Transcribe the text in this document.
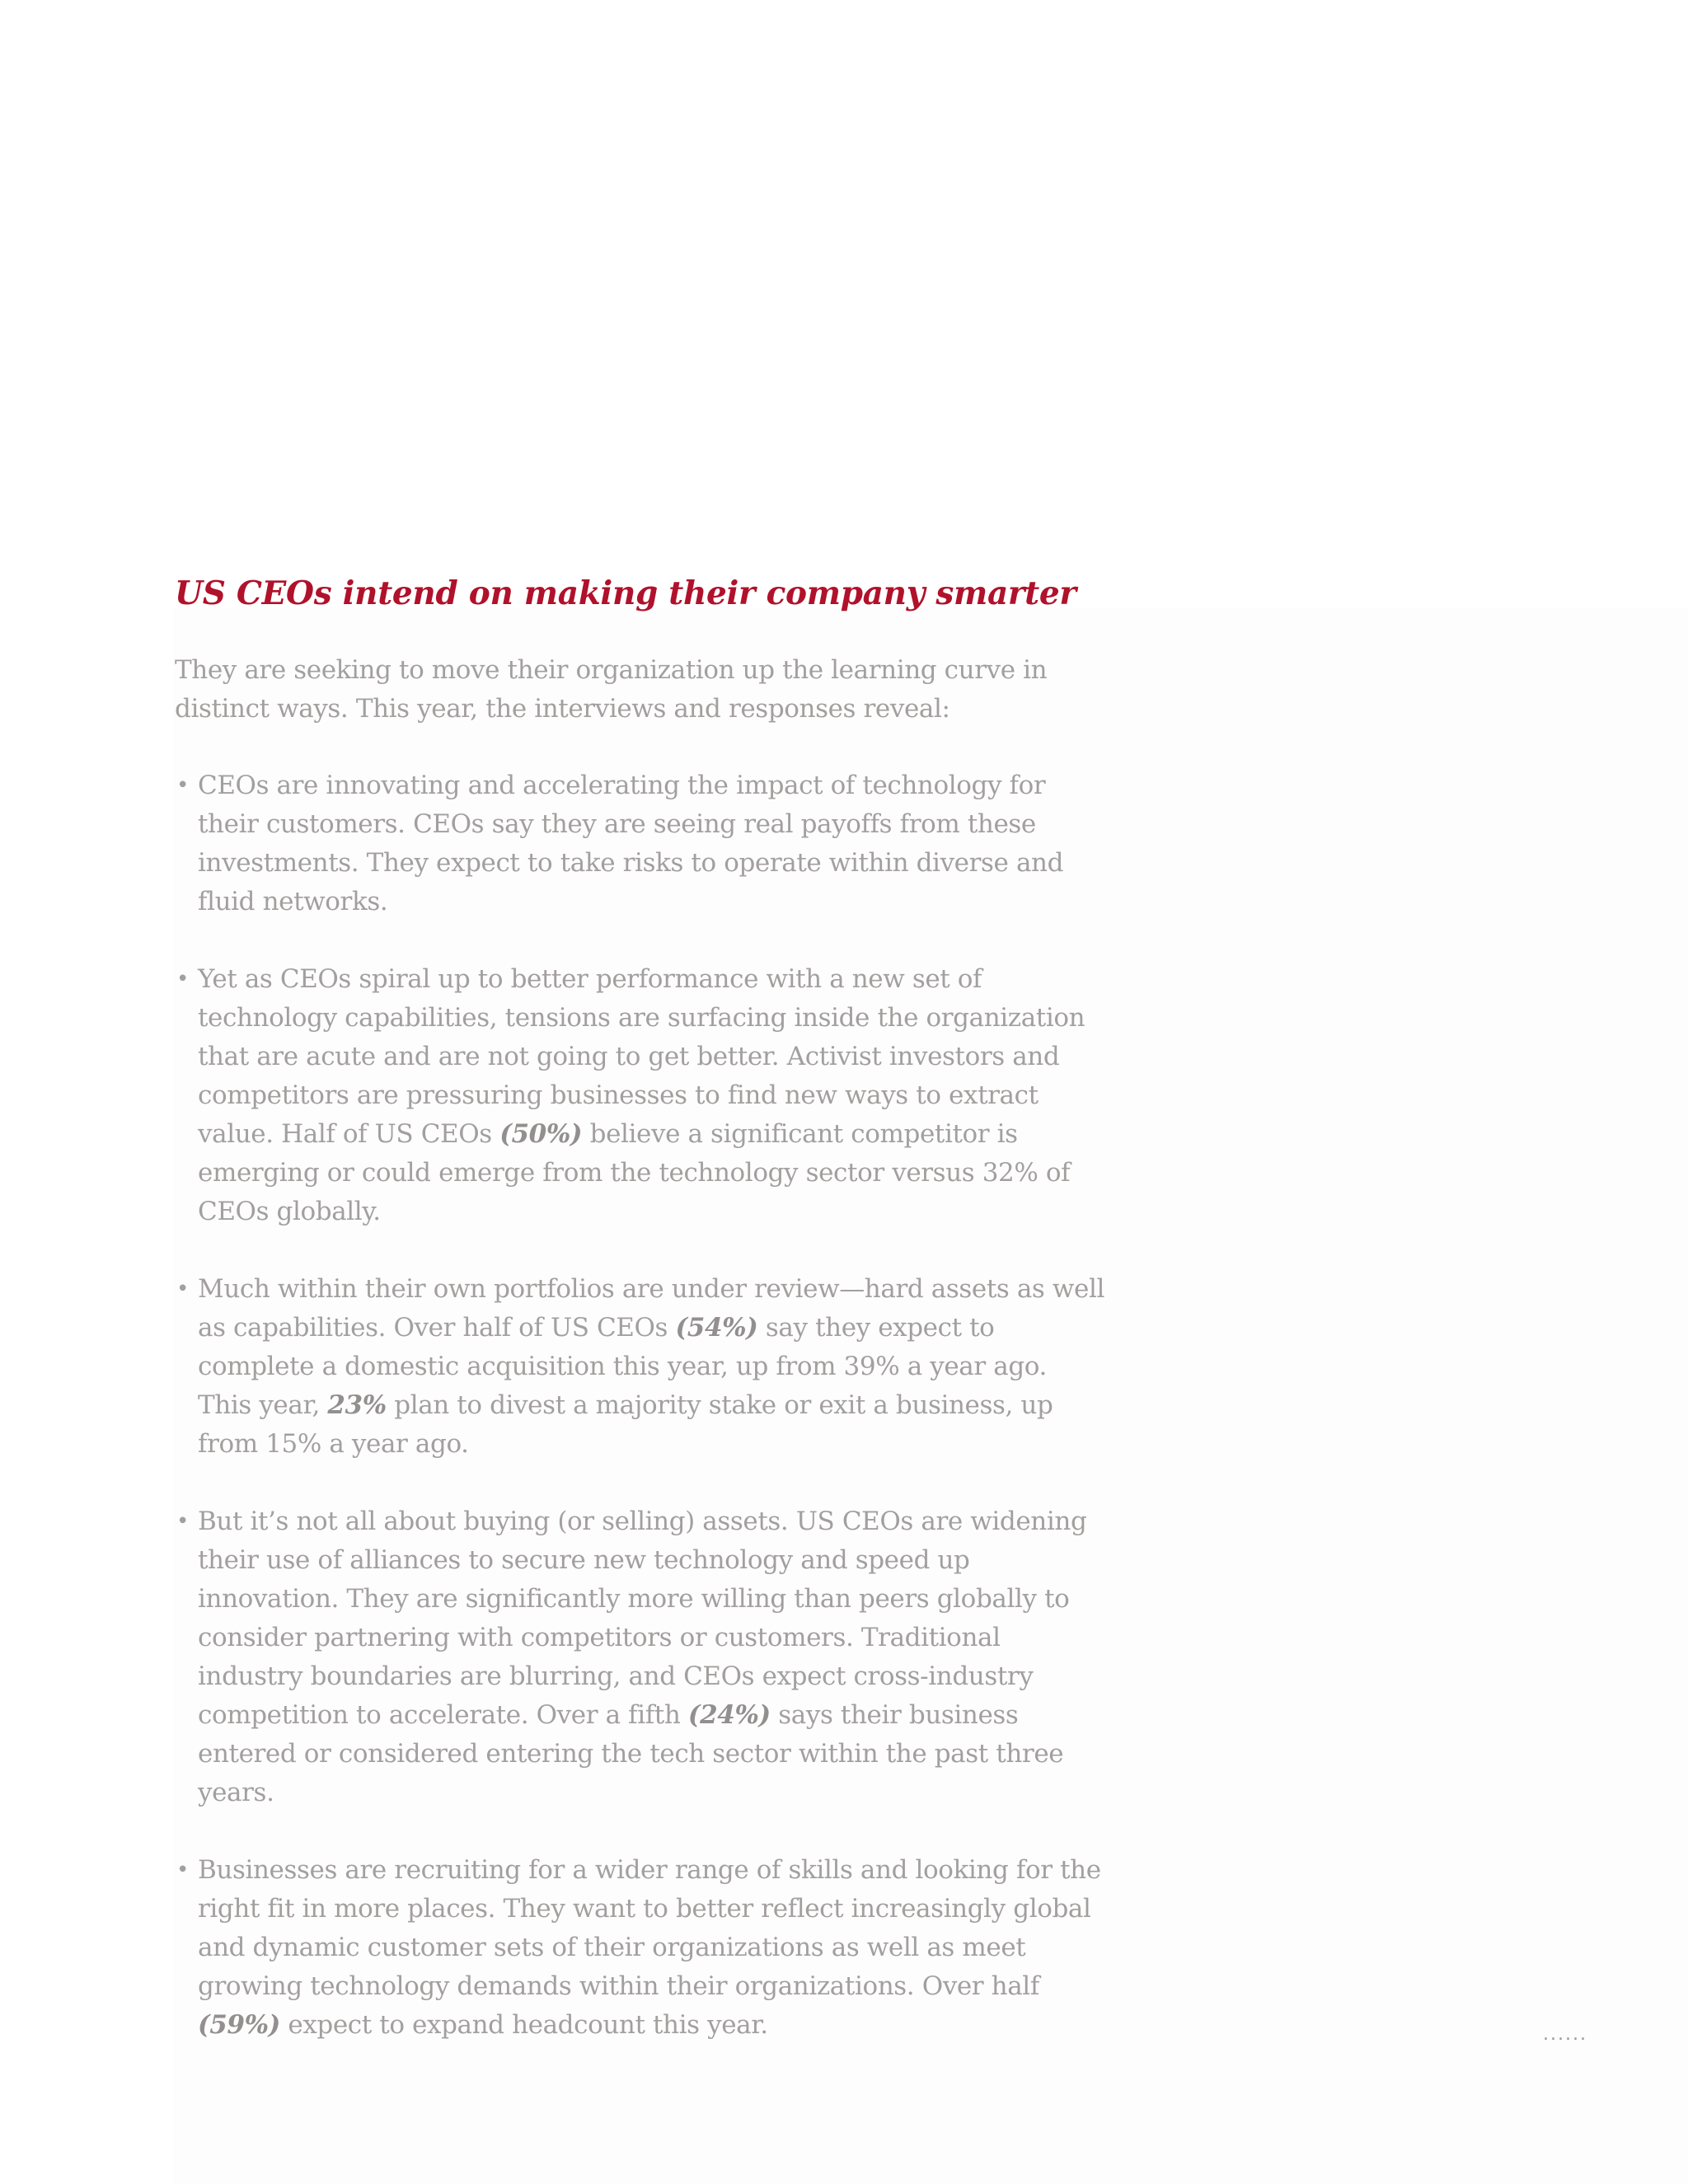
US CEOs intend on making their company smarter

They are seeking to move their organization up the learning curve in distinct ways. This year, the interviews and responses reveal:

• CEOs are innovating and accelerating the impact of technology for their customers. CEOs say they are seeing real payoffs from these investments. They expect to take risks to operate within diverse and fluid networks.
• Yet as CEOs spiral up to better performance with a new set of technology capabilities, tensions are surfacing inside the organization that are acute and are not going to get better. Activist investors and competitors are pressuring businesses to find new ways to extract value. Half of US CEOs (50%) believe a significant competitor is emerging or could emerge from the technology sector versus 32% of CEOs globally.
• Much within their own portfolios are under review—hard assets as well as capabilities. Over half of US CEOs (54%) say they expect to complete a domestic acquisition this year, up from 39% a year ago. This year, 23% plan to divest a majority stake or exit a business, up from 15% a year ago.
• But it’s not all about buying (or selling) assets. US CEOs are widening their use of alliances to secure new technology and speed up innovation. They are significantly more willing than peers globally to consider partnering with competitors or customers. Traditional industry boundaries are blurring, and CEOs expect cross-industry competition to accelerate. Over a fifth (24%) says their business entered or considered entering the tech sector within the past three years.
• Businesses are recruiting for a wider range of skills and looking for the right fit in more places. They want to better reflect increasingly global and dynamic customer sets of their organizations as well as meet growing technology demands within their organizations. Over half (59%) expect to expand headcount this year.	......
